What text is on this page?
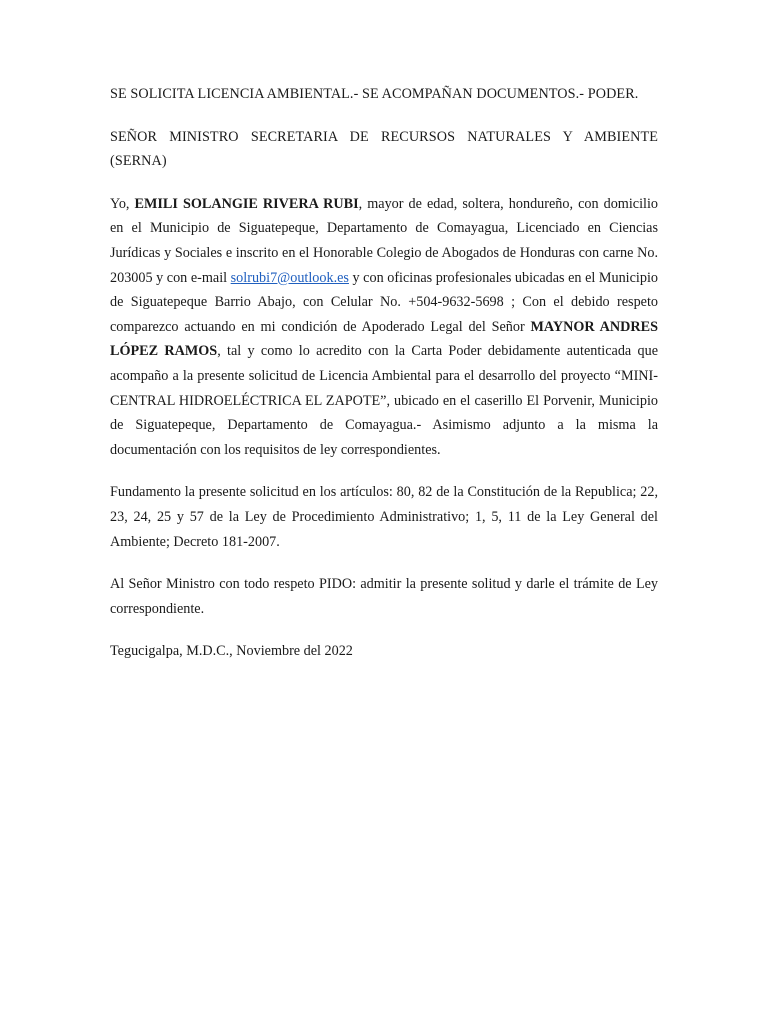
SE SOLICITA LICENCIA AMBIENTAL.- SE ACOMPAÑAN DOCUMENTOS.- PODER.

SEÑOR MINISTRO SECRETARIA DE RECURSOS NATURALES Y AMBIENTE (SERNA)

Yo, EMILI SOLANGIE RIVERA RUBI, mayor de edad, soltera, hondureño, con domicilio en el Municipio de Siguatepeque, Departamento de Comayagua, Licenciado en Ciencias Jurídicas y Sociales e inscrito en el Honorable Colegio de Abogados de Honduras con carne No. 203005 y con e-mail solrubi7@outlook.es y con oficinas profesionales ubicadas en el Municipio de Siguatepeque Barrio Abajo, con Celular No. +504-9632-5698 ; Con el debido respeto comparezco actuando en mi condición de Apoderado Legal del Señor MAYNOR ANDRES LÓPEZ RAMOS, tal y como lo acredito con la Carta Poder debidamente autenticada que acompaño a la presente solicitud de Licencia Ambiental para el desarrollo del proyecto “MINI-CENTRAL HIDROELÉCTRICA EL ZAPOTE”, ubicado en el caserillo El Porvenir, Municipio de Siguatepeque, Departamento de Comayagua.- Asimismo adjunto a la misma la documentación con los requisitos de ley correspondientes.

Fundamento la presente solicitud en los artículos: 80, 82 de la Constitución de la Republica; 22, 23, 24, 25 y 57 de la Ley de Procedimiento Administrativo; 1, 5, 11 de la Ley General del Ambiente; Decreto 181-2007.

Al Señor Ministro con todo respeto PIDO: admitir la presente solitud y darle el trámite de Ley correspondiente.

Tegucigalpa, M.D.C., Noviembre del 2022
